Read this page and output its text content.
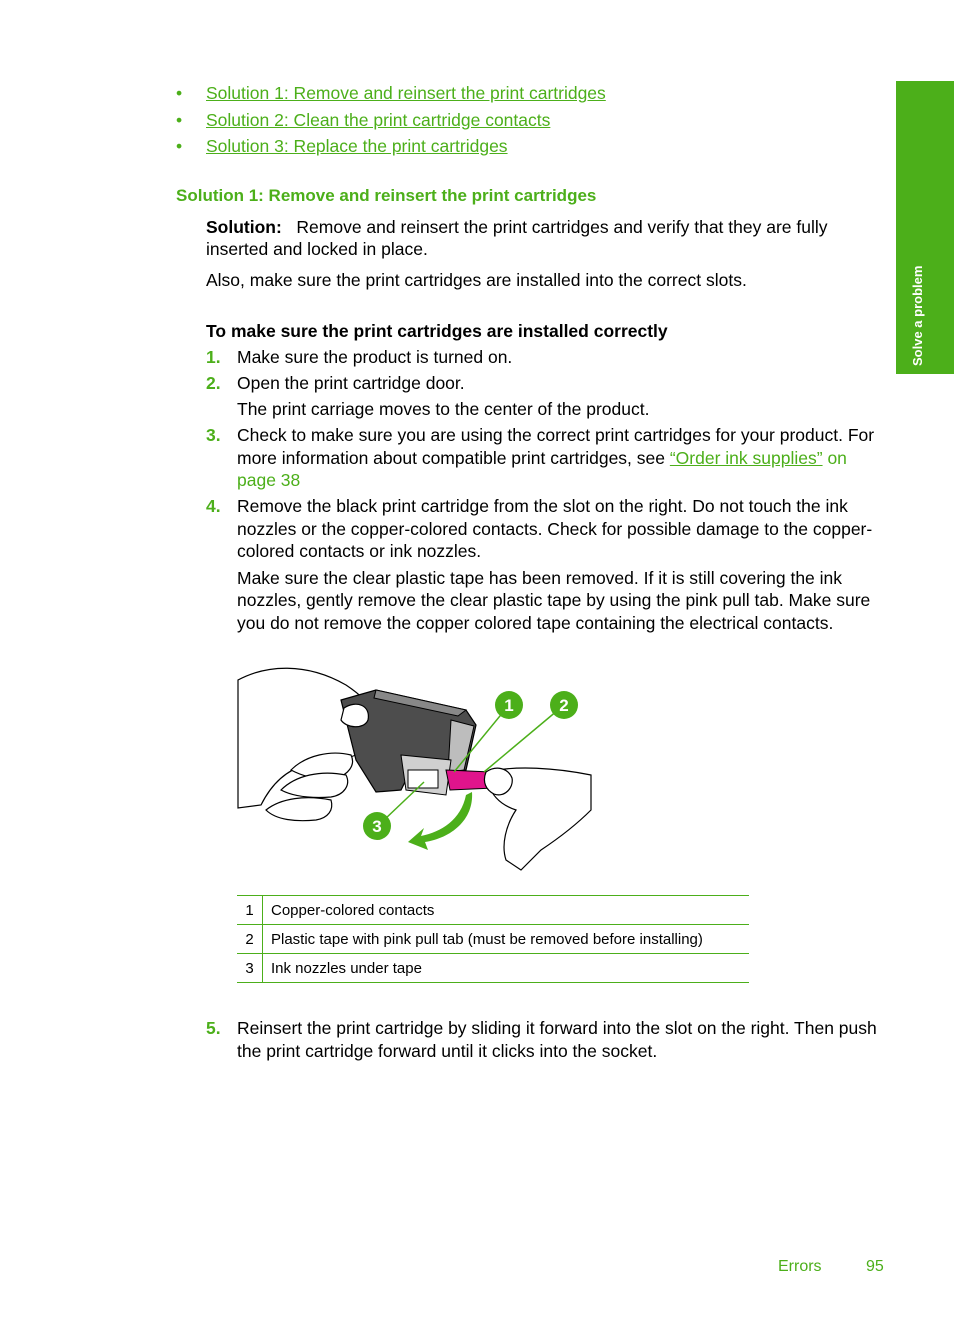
Solve a problem
•	Solution 1: Remove and reinsert the print cartridges
•	Solution 2: Clean the print cartridge contacts
•	Solution 3: Replace the print cartridges
Solution 1: Remove and reinsert the print cartridges
Solution: Remove and reinsert the print cartridges and verify that they are fully inserted and locked in place.
Also, make sure the print cartridges are installed into the correct slots.
To make sure the print cartridges are installed correctly
1. Make sure the product is turned on.
2. Open the print cartridge door.
The print carriage moves to the center of the product.
3. Check to make sure you are using the correct print cartridges for your product. For more information about compatible print cartridges, see “Order ink supplies” on page 38
4. Remove the black print cartridge from the slot on the right. Do not touch the ink nozzles or the copper-colored contacts. Check for possible damage to the copper-colored contacts or ink nozzles.
Make sure the clear plastic tape has been removed. If it is still covering the ink nozzles, gently remove the clear plastic tape by using the pink pull tab. Make sure you do not remove the copper colored tape containing the electrical contacts.
1	2
3
1	Copper-colored contacts
2	Plastic tape with pink pull tab (must be removed before installing)
3	Ink nozzles under tape
5. Reinsert the print cartridge by sliding it forward into the slot on the right. Then push the print cartridge forward until it clicks into the socket.
Errors	95
